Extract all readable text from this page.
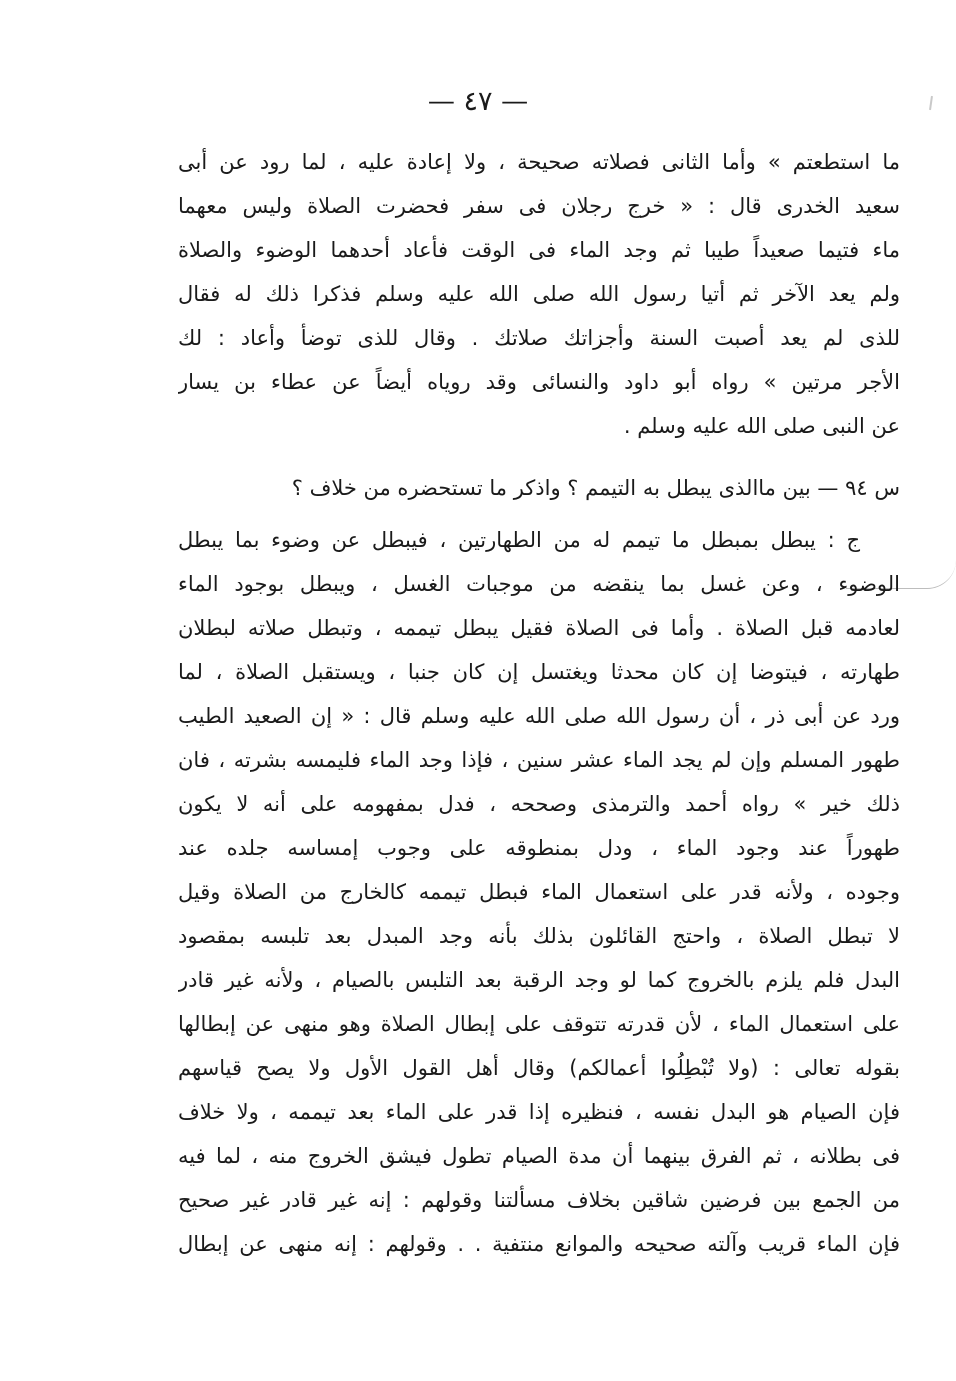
— ٤٧ —
ما استطعتم » وأما الثانى فصلاته صحيحة ، ولا إعادة عليه ، لما رود عن أبى
سعيد الخدرى قال : « خرج رجلان فى سفر فحضرت الصلاة وليس معهما
ماء فتيما صعيداً طيبا ثم وجد الماء فى الوقت فأعاد أحدهما الوضوء والصلاة
ولم يعد الآخر ثم أتيا رسول الله صلى الله عليه وسلم فذكرا ذلك له فقال
للذى لم يعد أصبت السنة وأجزاتك صلاتك . وقال للذى توضأ وأعاد : لك
الأجر مرتين » رواه أبو داود والنسائى وقد روياه أيضاً عن عطاء بن يسار
عن النبى صلى الله عليه وسلم .
س ٩٤ — بين ماالذى يبطل به التيمم ؟ واذكر ما تستحضره من خلاف ؟
ج : يبطل بمبطل ما تيمم له من الطهارتين ، فيبطل عن وضوء بما يبطل
الوضوء ، وعن غسل بما ينقضه من موجبات الغسل ، ويبطل بوجود الماء
لعادمه قبل الصلاة . وأما فى الصلاة فقيل يبطل تيممه ، وتبطل صلاته لبطلان
طهارته ، فيتوضا إن كان محدثا ويغتسل إن كان جنبا ، ويستقبل الصلاة ، لما
ورد عن أبى ذر ، أن رسول الله صلى الله عليه وسلم قال : « إن الصعيد الطيب
طهور المسلم وإن لم يجد الماء عشر سنين ، فإذا وجد الماء فليمسه بشرته ، فان
ذلك خير » رواه أحمد والترمذى وصححه ، فدل بمفهومه على أنه لا يكون
طهوراً عند وجود الماء ، ودل بمنطوقه على وجوب إمساسه جلده عند
وجوده ، ولأنه قدر على استعمال الماء فبطل تيممه كالخارج من الصلاة وقيل
لا تبطل الصلاة ، واحتج القائلون بذلك بأنه وجد المبدل بعد تلبسه بمقصود
البدل فلم يلزم بالخروج كما لو وجد الرقبة بعد التلبس بالصيام ، ولأنه غير قادر
على استعمال الماء ، لأن قدرته تتوقف على إبطال الصلاة وهو منهى عن إبطالها
بقوله تعالى : (ولا تُبْطِلُوا أعمالكم) وقال أهل القول الأول ولا يصح قياسهم
فإن الصيام هو البدل نفسه ، فنظيره إذا قدر على الماء بعد تيممه ، ولا خلاف
فى بطلانه ، ثم الفرق بينهما أن مدة الصيام تطول فيشق الخروج منه ، لما فيه
من الجمع بين فرضين شاقين بخلاف مسألتنا وقولهم : إنه غير قادر غير صحيح
فإن الماء قريب وآلته صحيحه والموانع منتفية . . وقولهم : إنه منهى عن إبطال
